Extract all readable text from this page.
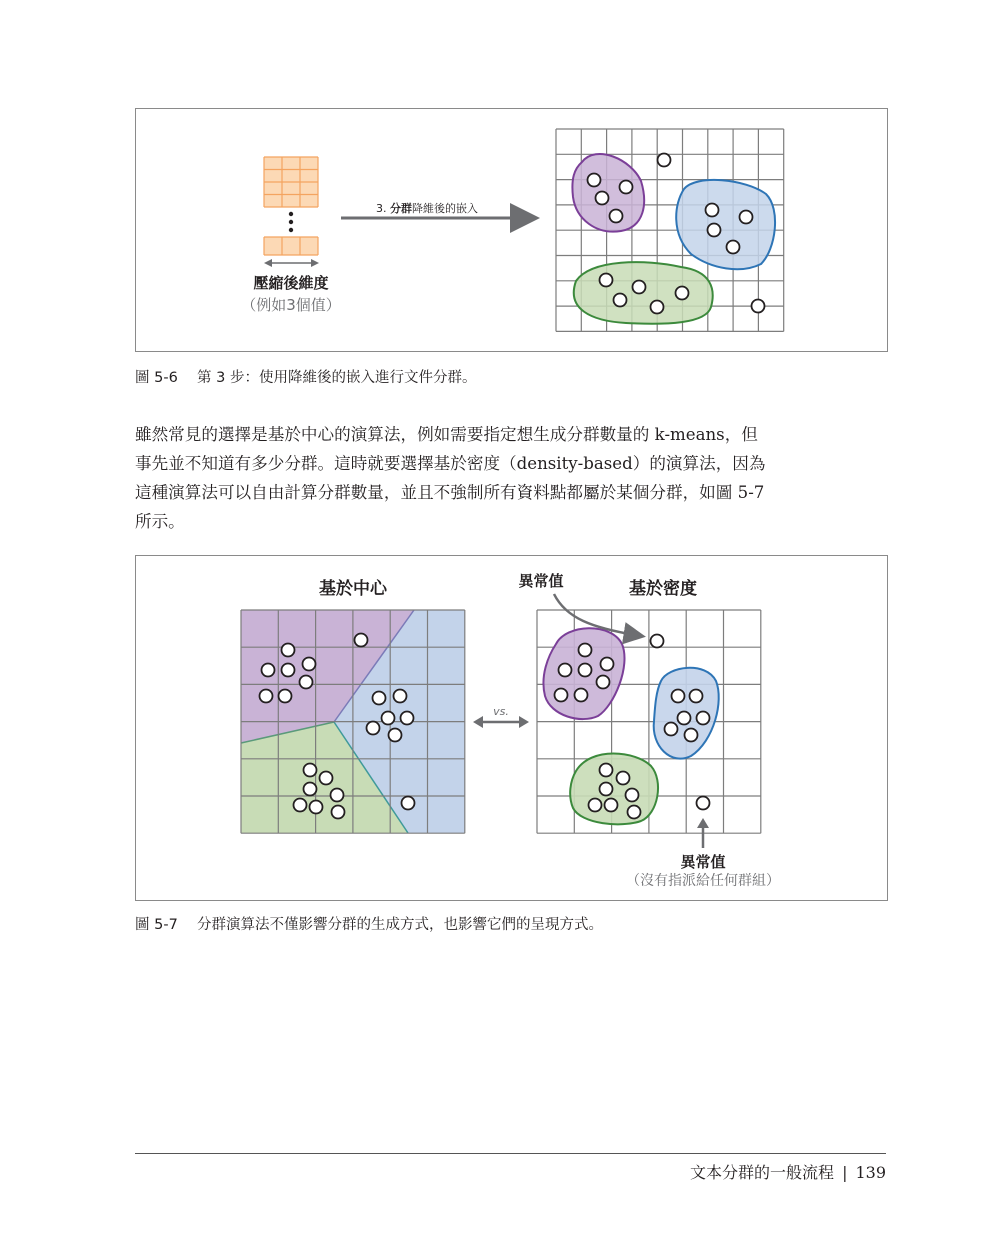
壓縮後維度
（例如3個值）
3. 分群降維後的嵌入
圖 5-6 第 3 步：使用降維後的嵌入進行文件分群。
雖然常見的選擇是基於中心的演算法，例如需要指定想生成分群數量的 k-means，但
事先並不知道有多少分群。這時就要選擇基於密度（density-based）的演算法，因為
這種演算法可以自由計算分群數量，並且不強制所有資料點都屬於某個分群，如圖 5-7
所示。
基於中心	基於密度
異常值
vs.
異常值
（沒有指派給任何群組）
圖 5-7 分群演算法不僅影響分群的生成方式，也影響它們的呈現方式。
文本分群的一般流程 | 139
